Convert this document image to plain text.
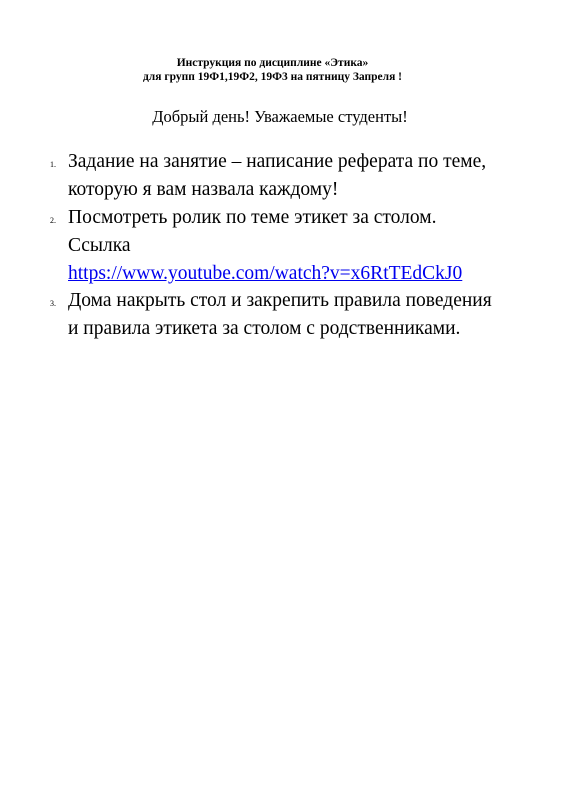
Инструкция по дисциплине «Этика»
для групп 19Ф1,19Ф2, 19Ф3 на пятницу Запреля !
Добрый день! Уважаемые студенты!
1. Задание на занятие – написание реферата по теме,
которую я вам назвала каждому!
2. Посмотреть ролик по теме этикет за столом.
Ссылка
https://www.youtube.com/watch?v=x6RtTEdCkJ0
3. Дома накрыть стол и закрепить правила поведения
и правила этикета за столом с родственниками.
